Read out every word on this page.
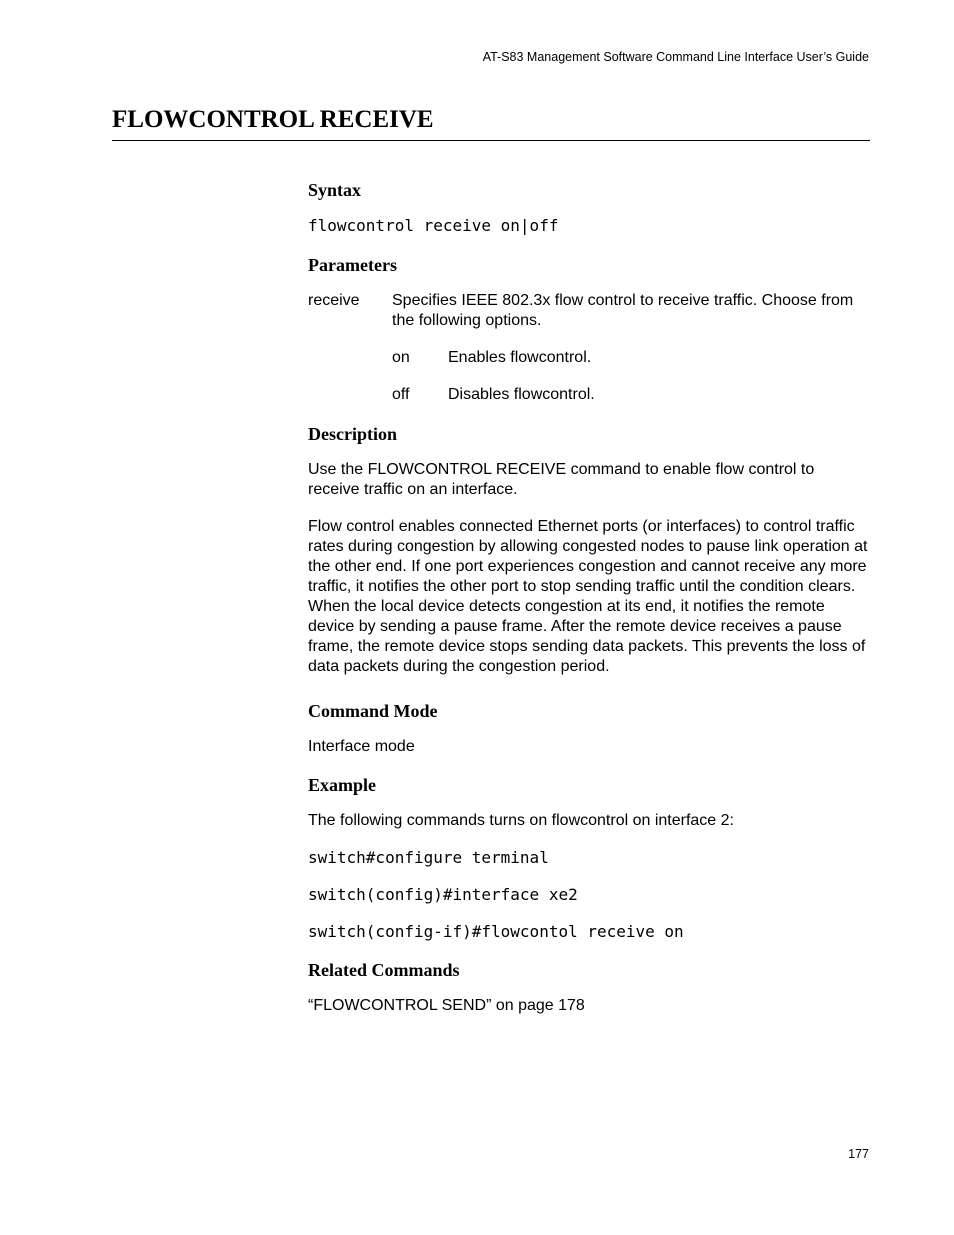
AT-S83 Management Software Command Line Interface User’s Guide
FLOWCONTROL RECEIVE
Syntax
flowcontrol receive on|off
Parameters
receive	Specifies IEEE 802.3x flow control to receive traffic. Choose from the following options.
on	Enables flowcontrol.
off	Disables flowcontrol.
Description

Use the FLOWCONTROL RECEIVE command to enable flow control to receive traffic on an interface.

Flow control enables connected Ethernet ports (or interfaces) to control traffic rates during congestion by allowing congested nodes to pause link operation at the other end. If one port experiences congestion and cannot receive any more traffic, it notifies the other port to stop sending traffic until the condition clears. When the local device detects congestion at its end, it notifies the remote device by sending a pause frame. After the remote device receives a pause frame, the remote device stops sending data packets. This prevents the loss of data packets during the congestion period.

Command Mode

Interface mode

Example

The following commands turns on flowcontrol on interface 2:

switch#configure terminal
switch(config)#interface xe2
switch(config-if)#flowcontol receive on
Related Commands

“FLOWCONTROL SEND” on page 178

177
